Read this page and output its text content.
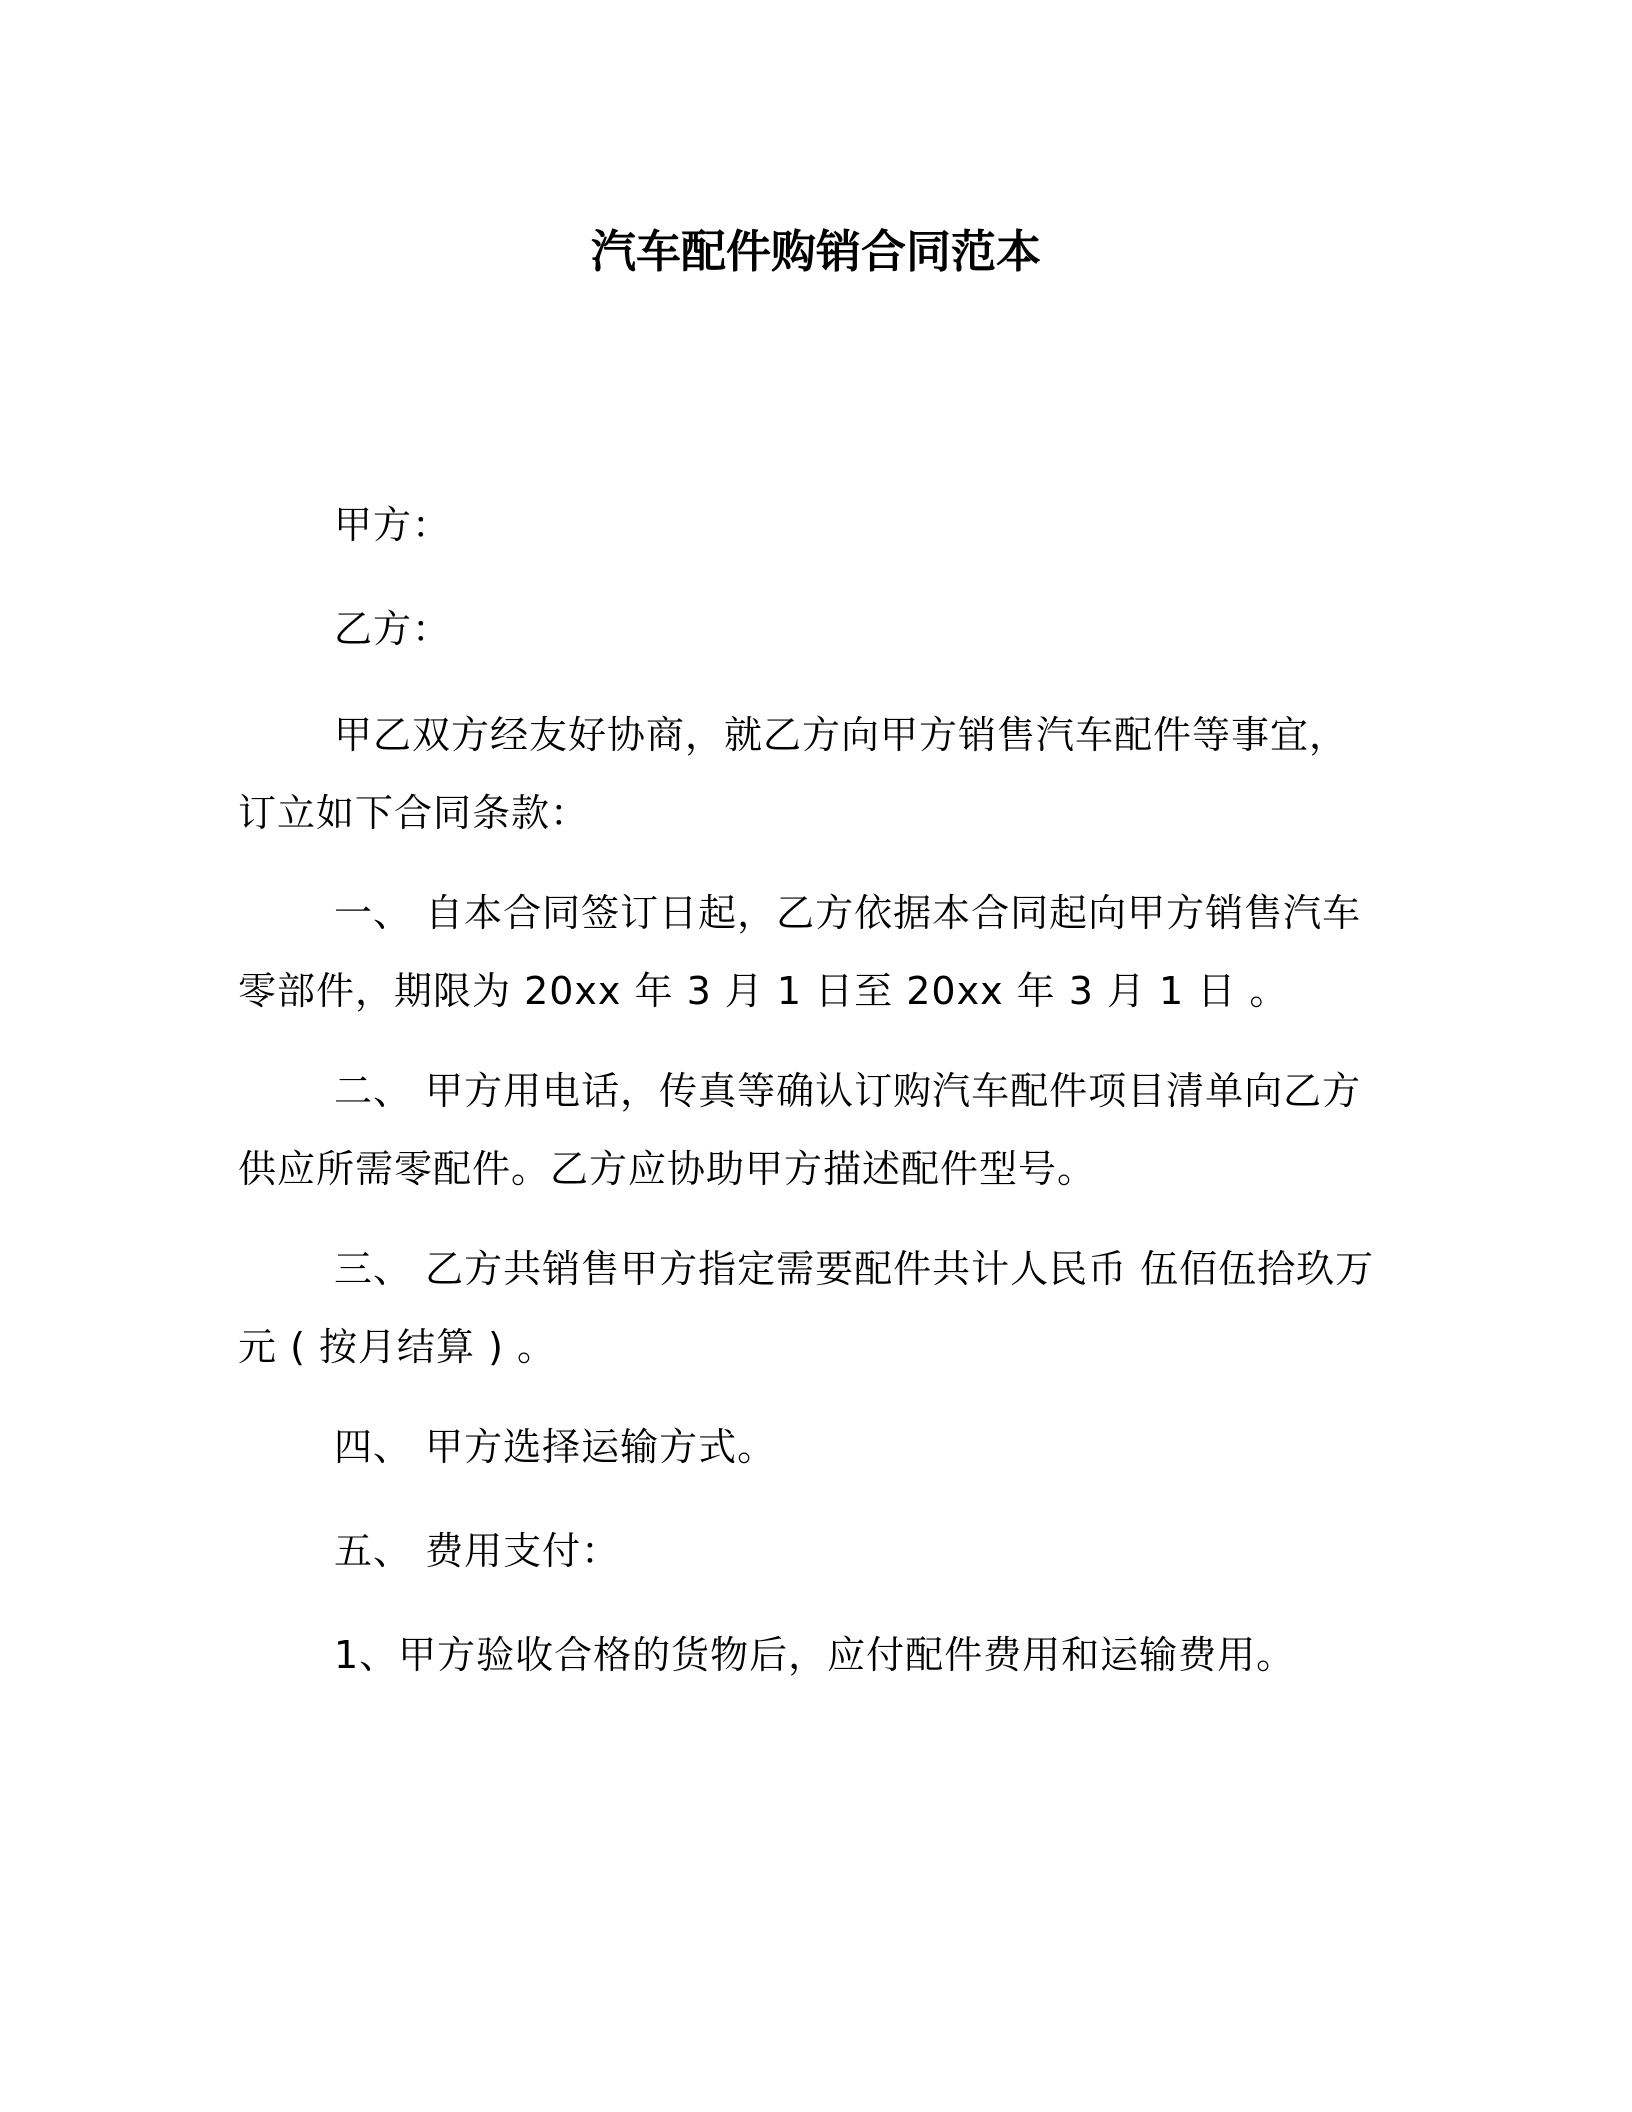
汽车配件购销合同范本
甲方：
乙方：

甲乙双方经友好协商，就乙方向甲方销售汽车配件等事宜，订立如下合同条款：

一、 自本合同签订日起，乙方依据本合同起向甲方销售汽车零部件，期限为 20xx 年 3 月 1 日至 20xx 年 3 月 1 日 。

二、 甲方用电话，传真等确认订购汽车配件项目清单向乙方供应所需零配件。乙方应协助甲方描述配件型号。

三、 乙方共销售甲方指定需要配件共计人民币 伍佰伍拾玖万元 ( 按月结算 ) 。

四、 甲方选择运输方式。
五、 费用支付：
1、甲方验收合格的货物后，应付配件费用和运输费用。
